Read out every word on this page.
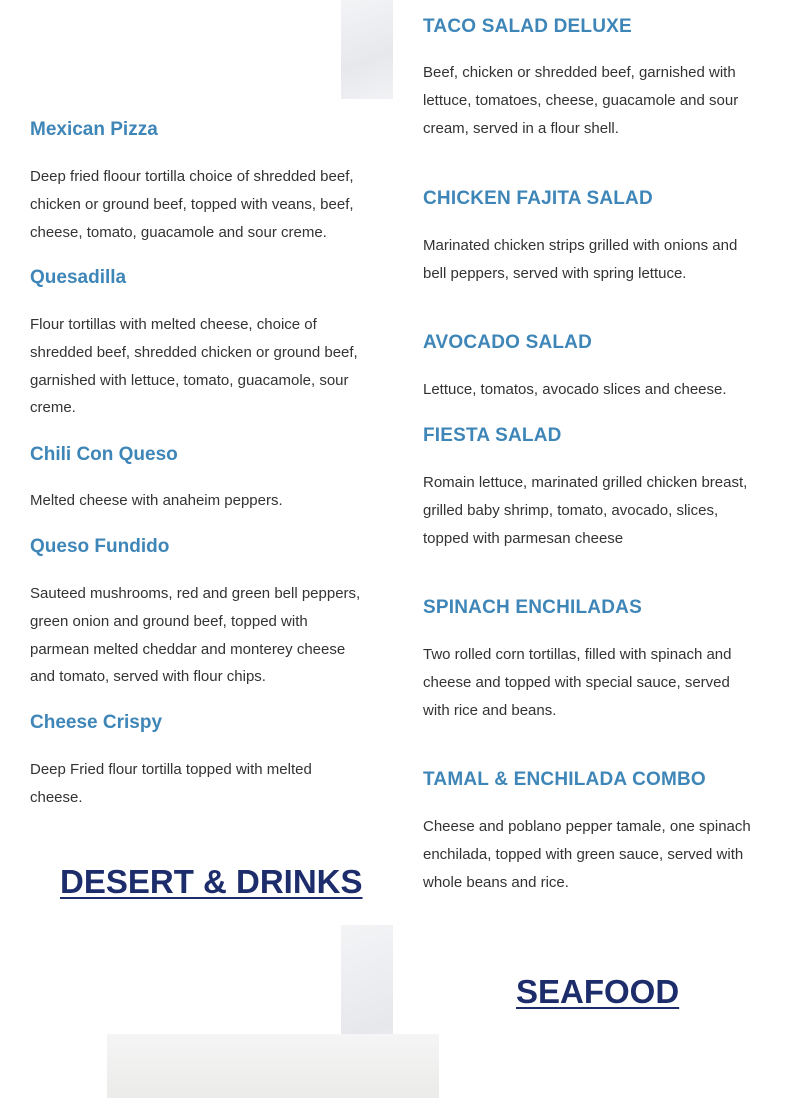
Mexican Pizza

Deep fried floour tortilla choice of shredded beef, chicken or ground beef, topped with veans, beef, cheese, tomato, guacamole and sour creme.

Quesadilla

Flour tortillas with melted cheese, choice of shredded beef, shredded chicken or ground beef, garnished with lettuce, tomato, guacamole, sour creme.

Chili Con Queso

Melted cheese with anaheim peppers.

Queso Fundido

Sauteed mushrooms, red and green bell peppers, green onion and ground beef, topped with parmean melted cheddar and monterey cheese and tomato, served with flour chips.

Cheese Crispy

Deep Fried flour tortilla topped with melted cheese.

DESERT & DRINKS
TACO SALAD DELUXE

Beef, chicken or shredded beef, garnished with lettuce, tomatoes, cheese, guacamole and sour cream, served in a flour shell.

CHICKEN FAJITA SALAD

Marinated chicken strips grilled with onions and bell peppers, served with spring lettuce.

AVOCADO SALAD

Lettuce, tomatos, avocado slices and cheese.

FIESTA SALAD

Romain lettuce, marinated grilled chicken breast, grilled baby shrimp, tomato, avocado, slices, topped with parmesan cheese

SPINACH ENCHILADAS

Two rolled corn tortillas, filled with spinach and cheese and topped with special sauce, served with rice and beans.

TAMAL & ENCHILADA COMBO

Cheese and poblano pepper tamale, one spinach enchilada, topped with green sauce, served with whole beans and rice.

SEAFOOD
